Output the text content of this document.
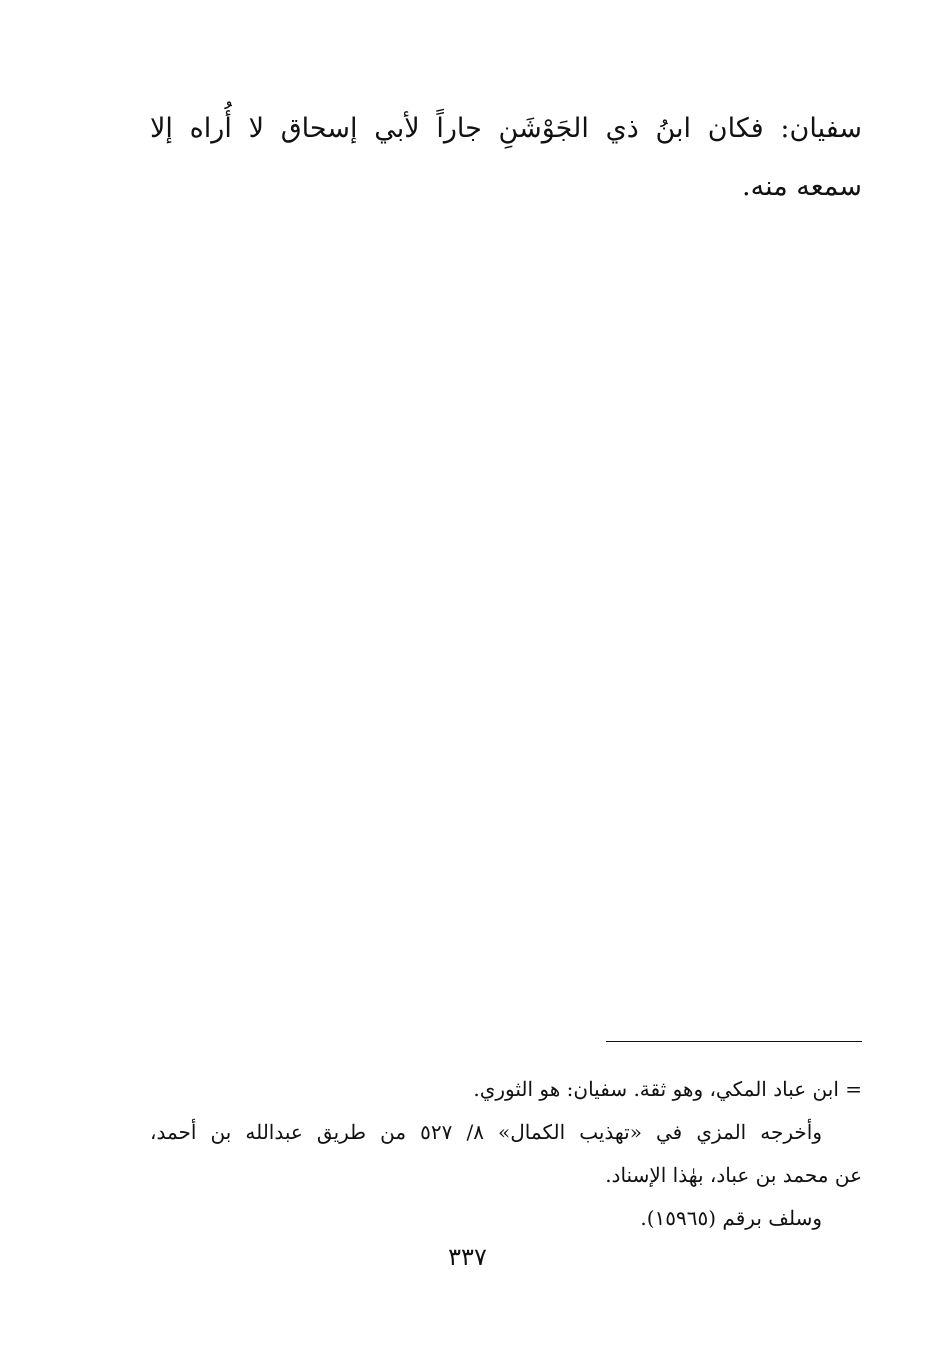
سفيان: فكان ابنُ ذي الجَوْشَنِ جاراً لأبي إسحاق لا أُراه إلا

سمعه منه.

= ابن عباد المكي، وهو ثقة. سفيان: هو الثوري.

وأخرجه المزي في «تهذيب الكمال» ٨/ ٥٢٧ من طريق عبدالله بن أحمد،

عن محمد بن عباد، بهٰذا الإسناد.

وسلف برقم (١٥٩٦٥).

٣٣٧
